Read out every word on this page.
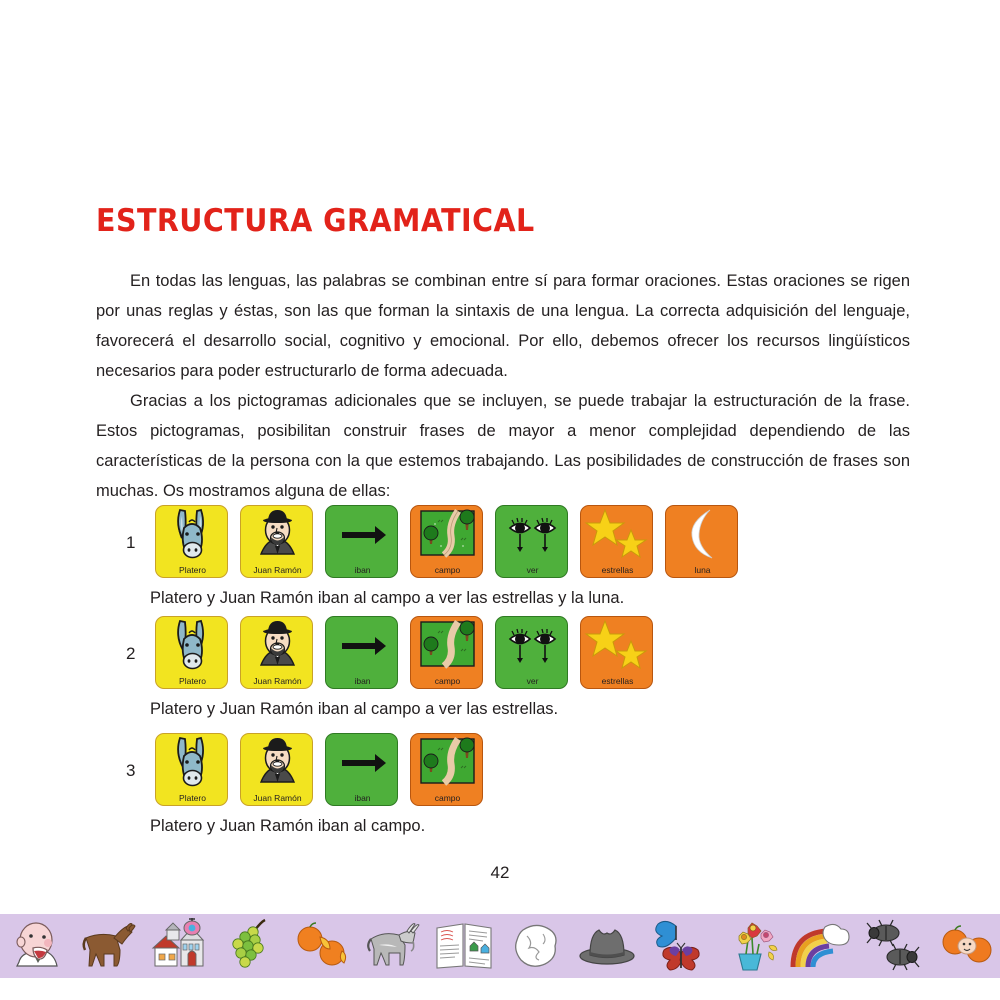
ESTRUCTURA GRAMATICAL
En todas las lenguas, las palabras se combinan entre sí para formar oraciones. Estas oraciones se rigen por unas reglas y éstas, son las que forman la sintaxis de una lengua. La correcta adquisición del lenguaje, favorecerá el desarrollo social, cognitivo y emocional. Por ello, debemos ofrecer los recursos lingüísticos necesarios para poder estructurarlo de forma adecuada.
Gracias a los pictogramas adicionales que se incluyen, se puede trabajar la estructuración de la frase. Estos pictogramas, posibilitan construir frases de mayor a menor complejidad dependiendo de las características de la persona con la que estemos trabajando. Las posibilidades de construcción de frases son muchas. Os mostramos alguna de ellas:
1
Platero	Juan Ramón	iban	campo	ver	estrellas	luna
Platero y Juan Ramón iban al campo a ver las estrellas y la luna.
2
Platero	Juan Ramón	iban	campo	ver	estrellas
Platero y Juan Ramón iban al campo a ver las estrellas.
3
Platero	Juan Ramón	iban	campo
Platero y Juan Ramón iban al campo.
42
